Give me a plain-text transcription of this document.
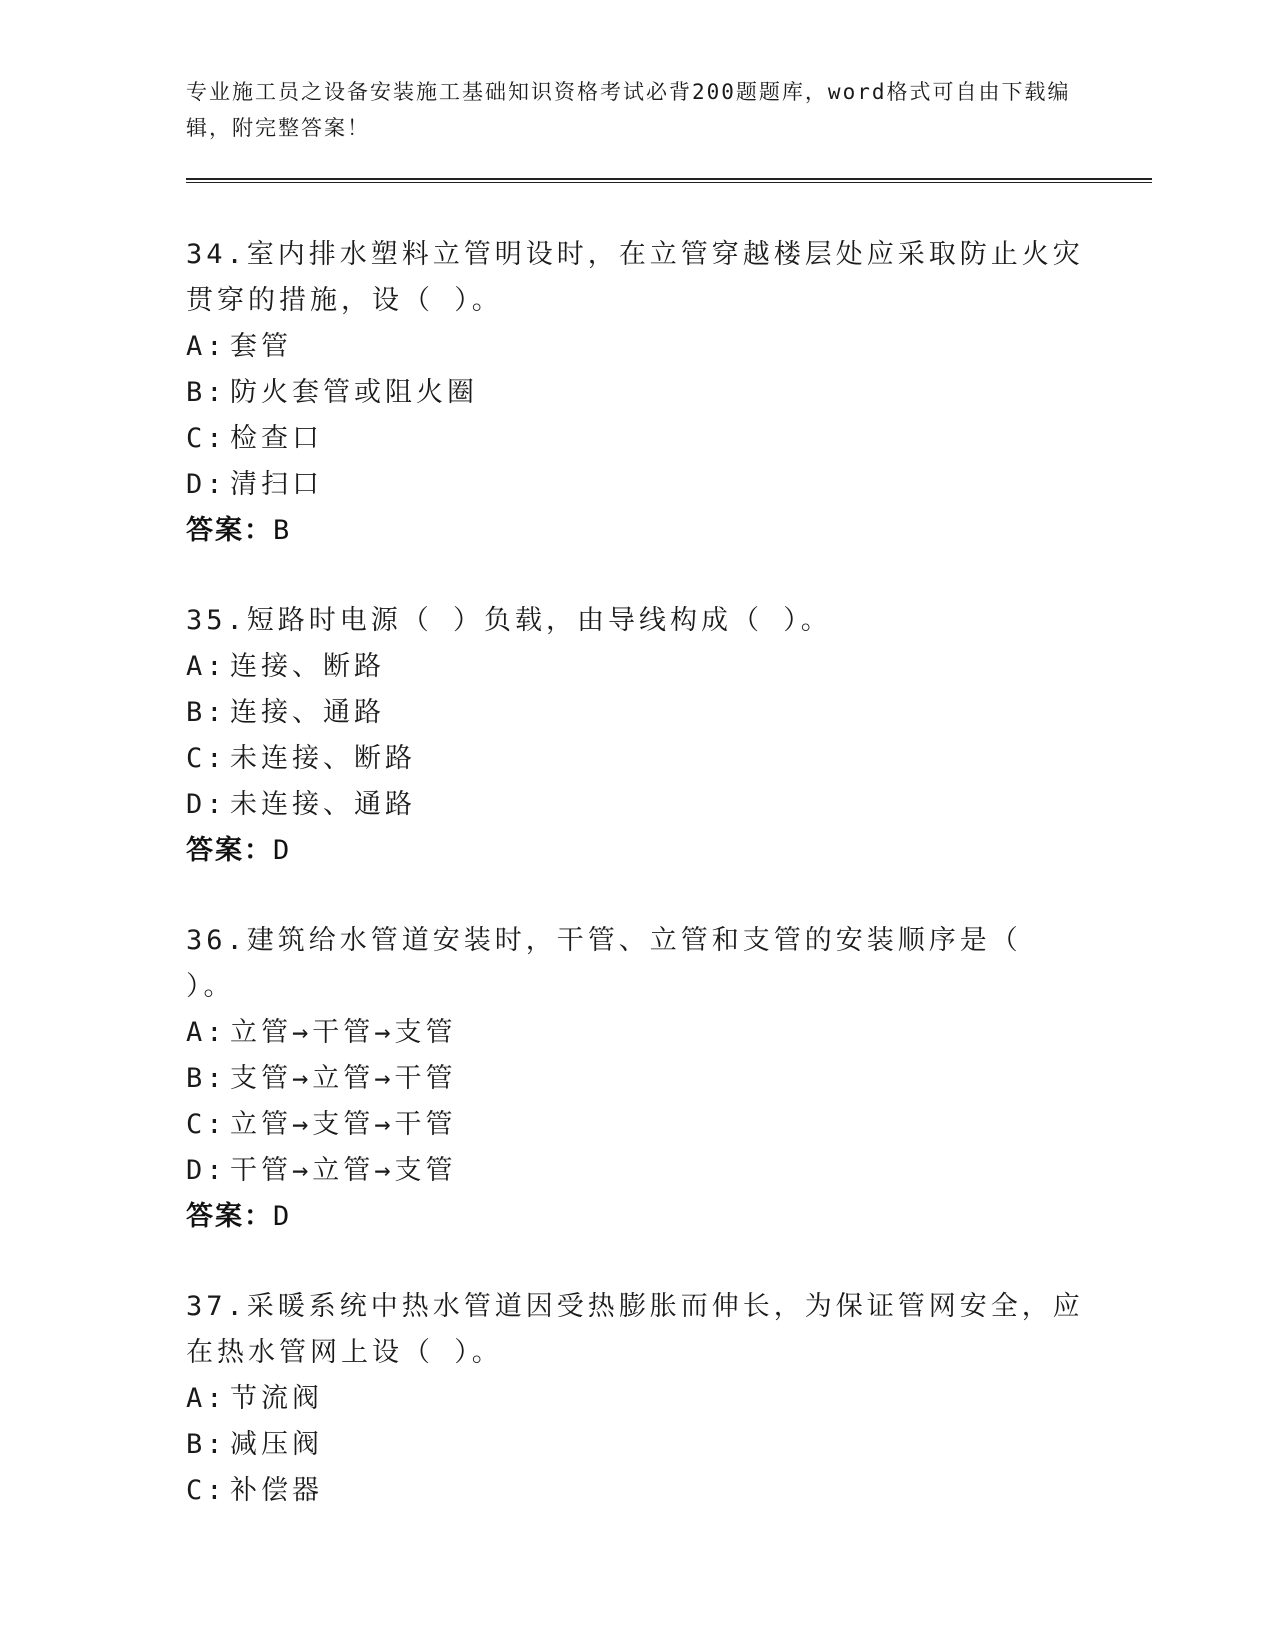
专业施工员之设备安装施工基础知识资格考试必背200题题库，word格式可自由下载编辑，附完整答案！

34.室内排水塑料立管明设时，在立管穿越楼层处应采取防止火灾贯穿的措施，设（ ）。

A: 套管
B: 防火套管或阻火圈
C: 检查口
D: 清扫口
答案：B

35.短路时电源（ ）负载，由导线构成（ ）。

A: 连接、断路
B: 连接、通路
C: 未连接、断路
D: 未连接、通路
答案：D

36.建筑给水管道安装时，干管、立管和支管的安装顺序是（ ）。

A: 立管→干管→支管
B: 支管→立管→干管
C: 立管→支管→干管
D: 干管→立管→支管
答案：D

37.采暖系统中热水管道因受热膨胀而伸长，为保证管网安全，应在热水管网上设（ ）。

A: 节流阀
B: 减压阀
C: 补偿器
